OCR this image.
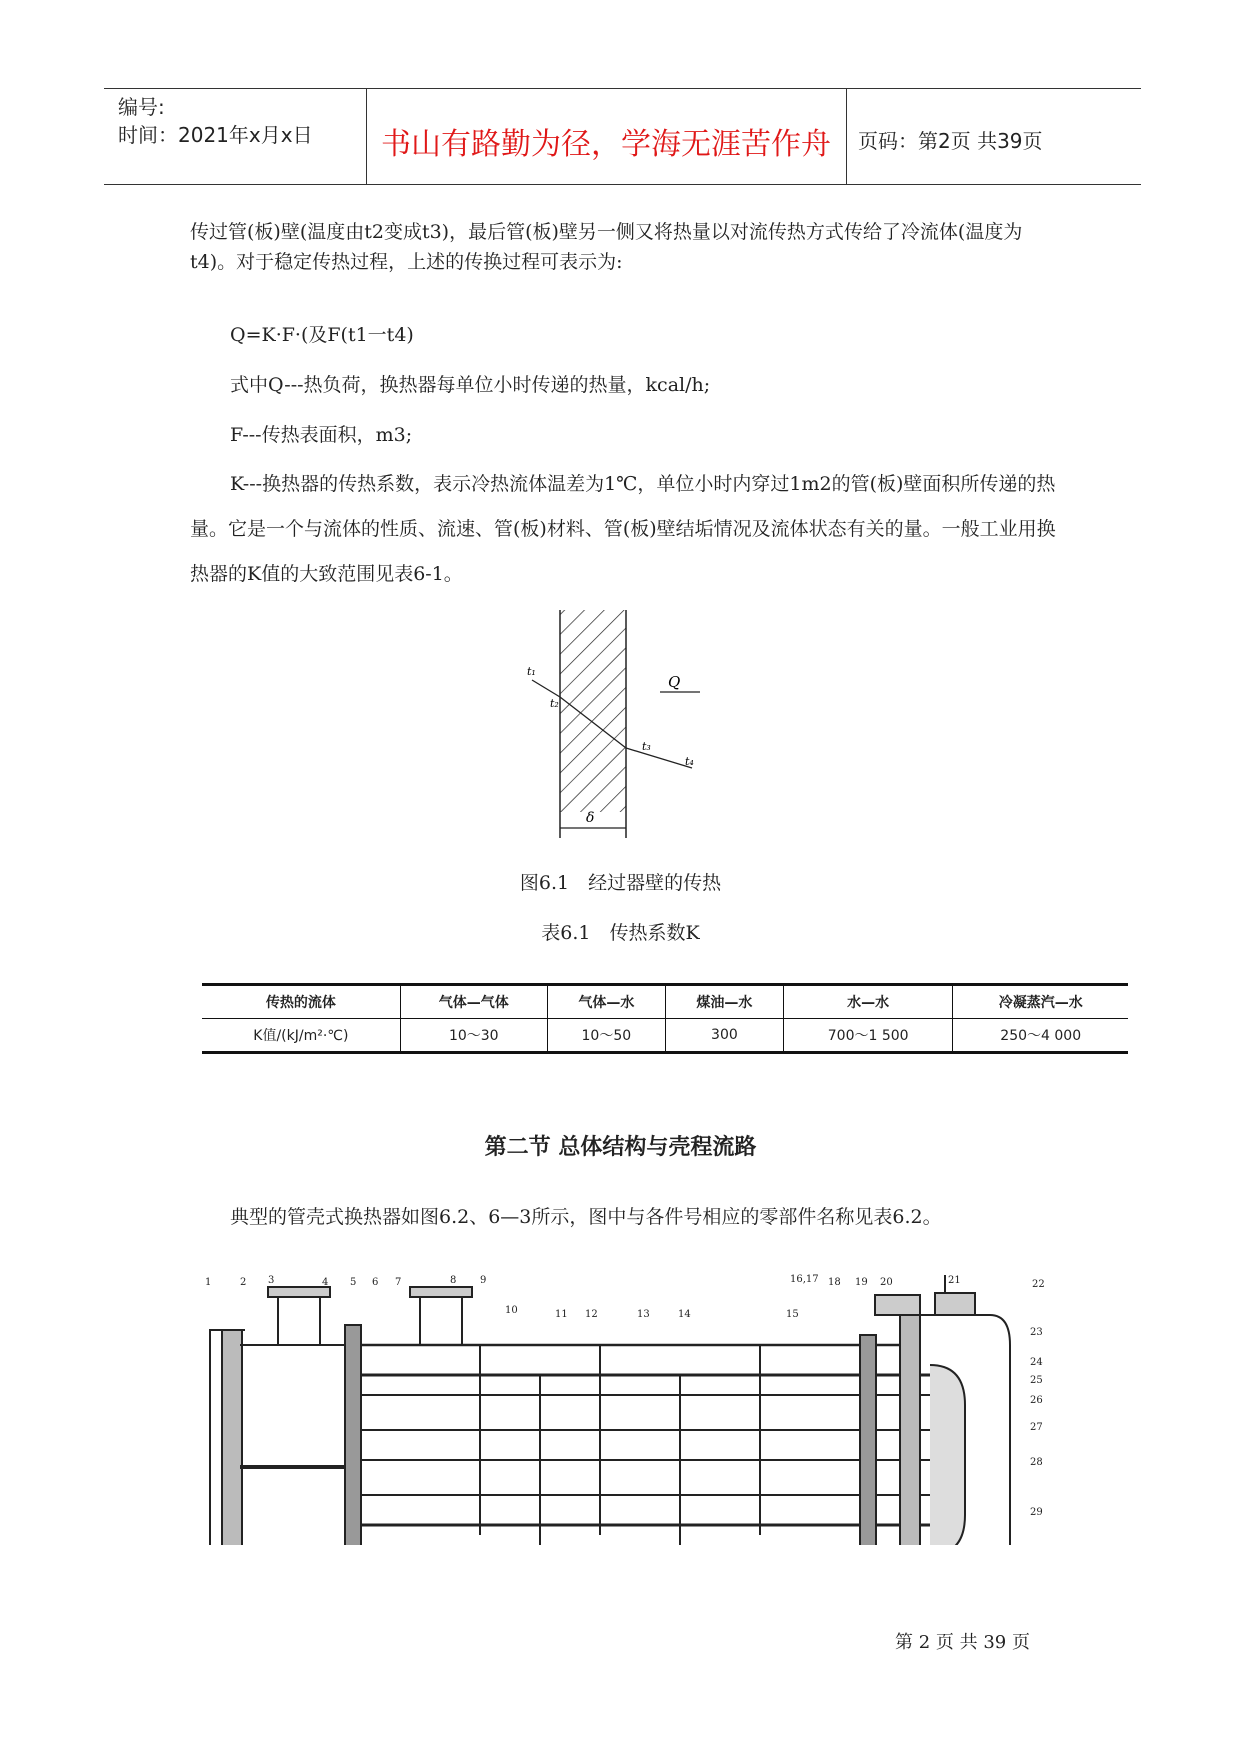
编号:
时间：2021年x月x日	书山有路勤为径，学海无涯苦作舟	页码：第2页 共39页
传过管(板)壁(温度由t2变成t3)，最后管(板)壁另一侧又将热量以对流传热方式传给了冷流体(温度为t4)。对于稳定传热过程，上述的传换过程可表示为:
Q=K·F·(及F(t1一t4)
式中Q---热负荷，换热器每单位小时传递的热量，kcal/h;
F---传热表面积，m3;
K---换热器的传热系数，表示冷热流体温差为1℃，单位小时内穿过1m2的管(板)壁面积所传递的热量。它是一个与流体的性质、流速、管(板)材料、管(板)壁结垢情况及流体状态有关的量。一般工业用换热器的K值的大致范围见表6-1。
t₁
t₂
t₃
t₄
Q
δ
图6.1　经过器壁的传热
表6.1　传热系数K
传热的流体	气体—气体	气体—水	煤油—水	水—水	冷凝蒸汽—水
K值/(kJ/m²·℃)	10～30	10～50	300	700～1 500	250～4 000
第二节 总体结构与壳程流路
典型的管壳式换热器如图6.2、6—3所示，图中与各件号相应的零部件名称见表6.2。
1	2 3	4 5 6 7	8 9
10	11 12	13	14	15
16,17 18 19 20	21	22
23
24
25
26
27
28
29
第 2 页 共 39 页
